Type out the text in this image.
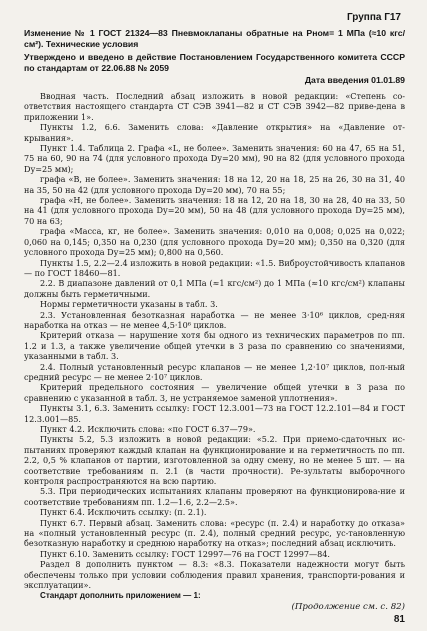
Группа Г17
Изменение № 1 ГОСТ 21324—83 Пневмоклапаны обратные на Pном= 1 МПа (≈10 кгс/см²). Технические условия
Утверждено и введено в действие Постановлением Государственного комитета СССР по стандартам от 22.06.88 № 2059
Дата введения 01.01.89

Вводная часть. Последний абзац изложить в новой редакции: «Степень со-ответствия настоящего стандарта СТ СЭВ 3941—82 и СТ СЭВ 3942—82 приве-дена в приложении 1».

Пункты 1.2, 6.6. Заменить слова: «Давление открытия» на «Давление от-крывания».

Пункт 1.4. Таблица 2. Графа «L, не более». Заменить значения: 60 на 47, 65 на 51, 75 на 60, 90 на 74 (для условного прохода Dу=20 мм), 90 на 82 (для условного прохода Dу=25 мм);

графа «В, не более». Заменить значения: 18 на 12, 20 на 18, 25 на 26, 30 на 31, 40 на 35, 50 на 42 (для условного прохода Dу=20 мм), 70 на 55;

графа «Н, не более». Заменить значения: 18 на 12, 20 на 18, 30 на 28, 40 на 33, 50 на 41 (для условного прохода Dу=20 мм), 50 на 48 (для условного прохода Dу=25 мм), 70 на 63;

графа «Масса, кг, не более». Заменить значения: 0,010 на 0,008; 0,025 на 0,022; 0,060 на 0,145; 0,350 на 0,230 (для условного прохода Dу=20 мм); 0,350 на 0,320 (для условного прохода Dу=25 мм); 0,800 на 0,560.

Пункты 1.5, 2.2—2.4 изложить в новой редакции: «1.5. Виброустойчивость клапанов — по ГОСТ 18460—81.

2.2. В диапазоне давлений от 0,1 МПа (≈1 кгс/см²) до 1 МПа (≈10 кгс/см²) клапаны должны быть герметичными.

Нормы герметичности указаны в табл. 3.

2.3. Установленная безотказная наработка — не менее 3·10⁶ циклов, сред-няя наработка на отказ — не менее 4,5·10⁶ циклов.

Критерий отказа — нарушение хотя бы одного из технических параметров по пп. 1.2 и 1.3, а также увеличение общей утечки в 3 раза по сравнению со значениями, указанными в табл. 3.

2.4. Полный установленный ресурс клапанов — не менее 1,2·10⁷ циклов, пол-ный средний ресурс — не менее 2·10⁷ циклов.

Критерий предельного состояния — увеличение общей утечки в 3 раза по сравнению с указанной в табл. 3, не устраняемое заменой уплотнения».

Пункты 3.1, 6.3. Заменить ссылку: ГОСТ 12.3.001—73 на ГОСТ 12.2.101—84 и ГОСТ 12.3.001—85.

Пункт 4.2. Исключить слова: «по ГОСТ 6.37—79».

Пункты 5.2, 5.3 изложить в новой редакции: «5.2. При приемо-сдаточных ис-пытаниях проверяют каждый клапан на функционирование и на герметичность по пп. 2.2, 0,5 % клапанов от партии, изготовленной за одну смену, но не менее 5 шт. — на соответствие требованиям п. 2.1 (в части прочности). Ре-зультаты выборочного контроля распространяются на всю партию.

5.3. При периодических испытаниях клапаны проверяют на функционирова-ние и соответствие требованиям пп. 1.2—1.6, 2.2—2.5».

Пункт 6.4. Исключить ссылку: (п. 2.1).

Пункт 6.7. Первый абзац. Заменить слова: «ресурс (п. 2.4) и наработку до отказа» на «полный установленный ресурс (п. 2.4), полный средний ресурс, ус-тановленную безотказную наработку и среднюю наработку на отказ»; последний абзац исключить.

Пункт 6.10. Заменить ссылку: ГОСТ 12997—76 на ГОСТ 12997—84.

Раздел 8 дополнить пунктом — 8.3: «8.3. Показатели надежности могут быть обеспечены только при условии соблюдения правил хранения, транспорти-рования и эксплуатации».

Стандарт дополнить приложением — 1:

(Продолжение см. с. 82)
81
